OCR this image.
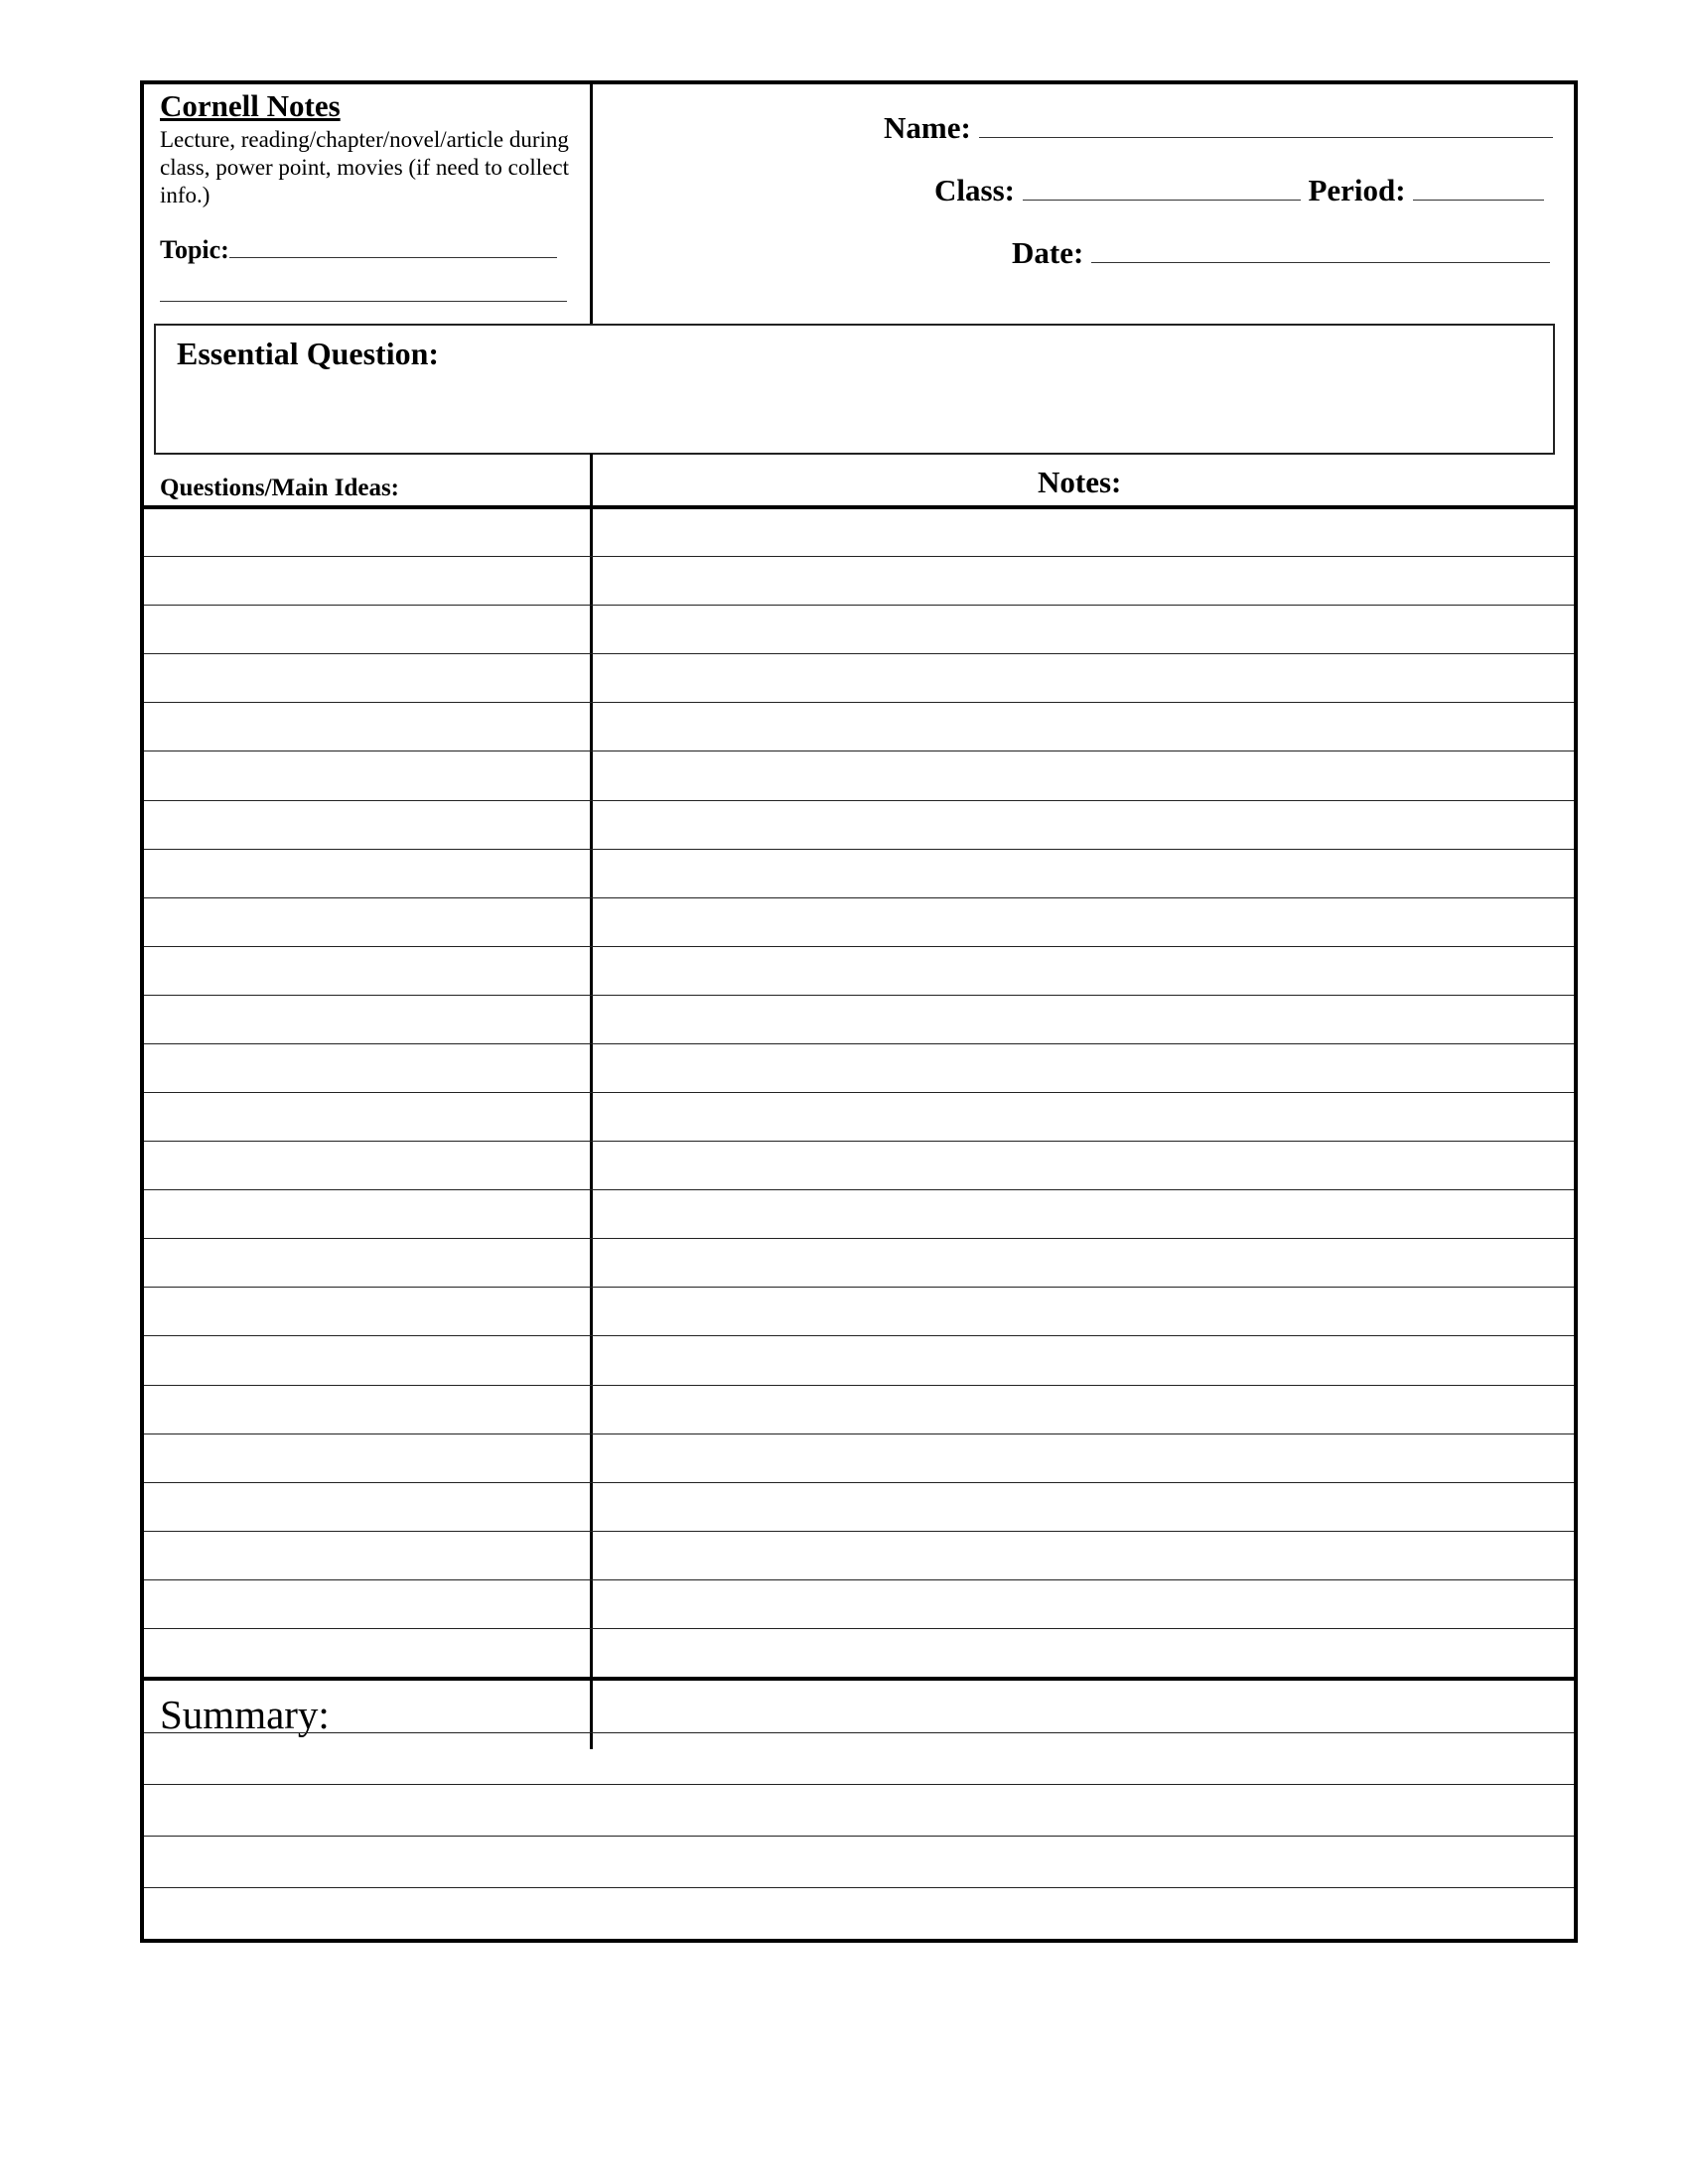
Cornell Notes
Lecture, reading/chapter/novel/article during class, power point, movies (if need to collect info.)
Topic:
Name:
Class:	Period:
Date:
Essential Question:
Questions/Main Ideas:	Notes:
Summary:
